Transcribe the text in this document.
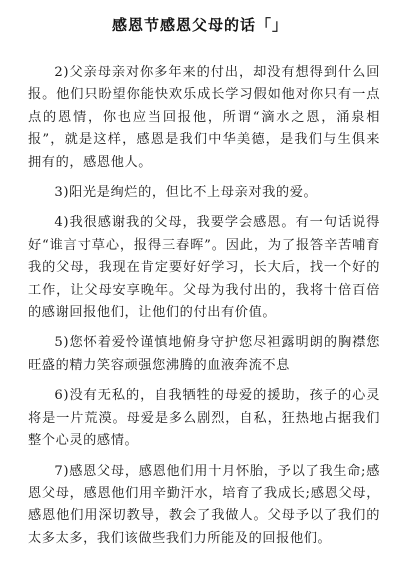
感恩节感恩父母的话「」

2)父亲母亲对你多年来的付出，却没有想得到什么回报。他们只盼望你能快欢乐成长学习假如他对你只有一点点的恩情，你也应当回报他，所谓“滴水之恩，涌泉相报”，就是这样，感恩是我们中华美德，是我们与生俱来拥有的，感恩他人。

3)阳光是绚烂的，但比不上母亲对我的爱。

4)我很感谢我的父母，我要学会感恩。有一句话说得好“谁言寸草心，报得三春晖”。因此，为了报答辛苦哺育我的父母，我现在肯定要好好学习，长大后，找一个好的工作，让父母安享晚年。父母为我付出的，我将十倍百倍的感谢回报他们，让他们的付出有价值。

5)您怀着爱怜谨慎地俯身守护您尽袒露明朗的胸襟您旺盛的精力笑容顽强您沸腾的血液奔流不息

6)没有无私的，自我牺牲的母爱的援助，孩子的心灵将是一片荒漠。母爱是多么剧烈，自私，狂热地占据我们整个心灵的感情。

7)感恩父母，感恩他们用十月怀胎，予以了我生命;感恩父母，感恩他们用辛勤汗水，培育了我成长;感恩父母，感恩他们用深切教导，教会了我做人。父母予以了我们的太多太多，我们该做些我们力所能及的回报他们。
